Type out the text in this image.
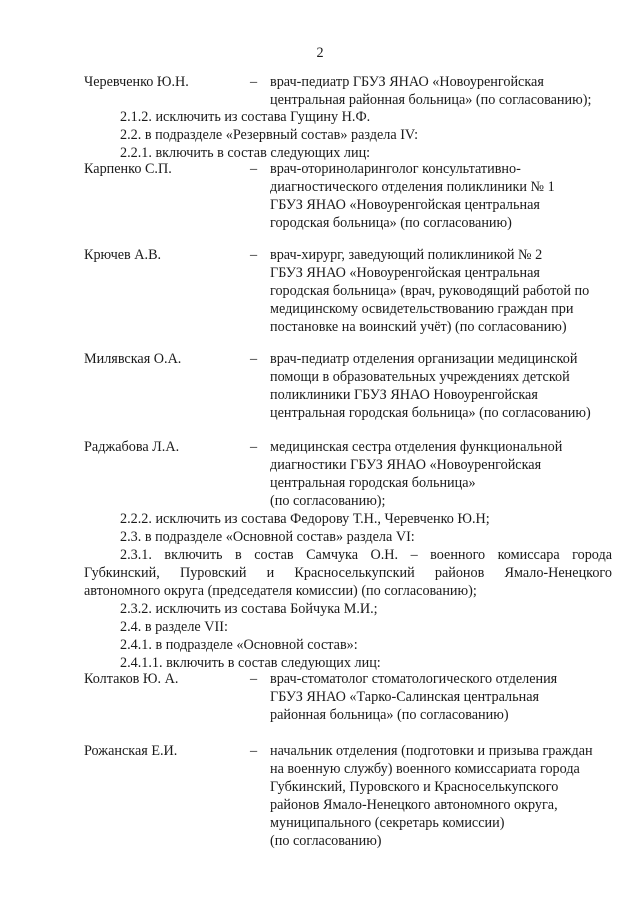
2
Черевченко Ю.Н.	– врач-педиатр ГБУЗ ЯНАО «Новоуренгойская
центральная районная больница» (по согласованию);
2.1.2. исключить из состава Гущину Н.Ф.
2.2. в подразделе «Резервный состав» раздела IV:
2.2.1. включить в состав следующих лиц:
Карпенко С.П.	– врач-оториноларинголог консультативно-
диагностического отделения поликлиники № 1
ГБУЗ ЯНАО «Новоуренгойская центральная
городская больница» (по согласованию)
Крючев А.В.	– врач-хирург, заведующий поликлиникой № 2
ГБУЗ ЯНАО «Новоуренгойская центральная
городская больница» (врач, руководящий работой по
медицинскому освидетельствованию граждан при
постановке на воинский учёт) (по согласованию)
Милявская О.А.	– врач-педиатр отделения организации медицинской
помощи в образовательных учреждениях детской
поликлиники ГБУЗ ЯНАО Новоуренгойская
центральная городская больница» (по согласованию)
Раджабова Л.А.	– медицинская сестра отделения функциональной
диагностики ГБУЗ ЯНАО «Новоуренгойская
центральная городская больница»
(по согласованию);
2.2.2. исключить из состава Федорову Т.Н., Черевченко Ю.Н;
2.3. в подразделе «Основной состав» раздела VI:
2.3.1. включить в состав Самчука О.Н. – военного комиссара города
Губкинский, Пуровский и Красноселькупский районов Ямало-Ненецкого
автономного округа (председателя комиссии) (по согласованию);
2.3.2. исключить из состава Бойчука М.И.;
2.4. в разделе VII:
2.4.1. в подразделе «Основной состав»:
2.4.1.1. включить в состав следующих лиц:
Колтаков Ю. А.	– врач-стоматолог стоматологического отделения
ГБУЗ ЯНАО «Тарко-Салинская центральная
районная больница» (по согласованию)
Рожанская Е.И.	– начальник отделения (подготовки и призыва граждан
на военную службу) военного комиссариата города
Губкинский, Пуровского и Красноселькупского
районов Ямало-Ненецкого автономного округа,
муниципального (секретарь комиссии)
(по согласованию)
